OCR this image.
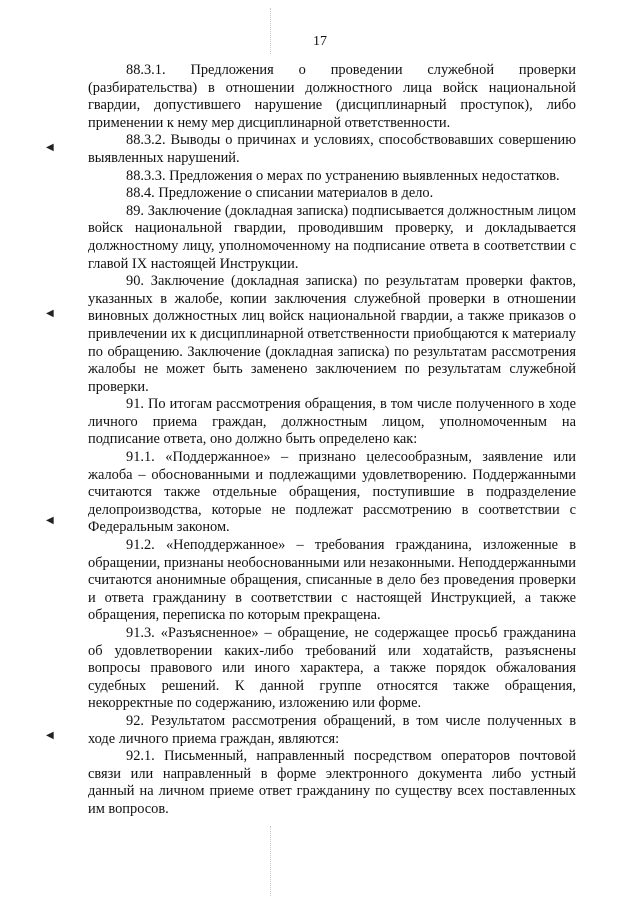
◀
◀
◀
◀
17

88.3.1. Предложения о проведении служебной проверки (разбирательства) в отношении должностного лица войск национальной гвардии, допустившего нарушение (дисциплинарный проступок), либо применении к нему мер дисциплинарной ответственности.

88.3.2. Выводы о причинах и условиях, способствовавших совершению выявленных нарушений.

88.3.3. Предложения о мерах по устранению выявленных недостатков.

88.4. Предложение о списании материалов в дело.

89. Заключение (докладная записка) подписывается должностным лицом войск национальной гвардии, проводившим проверку, и докладывается должностному лицу, уполномоченному на подписание ответа в соответствии с главой IX настоящей Инструкции.

90. Заключение (докладная записка) по результатам проверки фактов, указанных в жалобе, копии заключения служебной проверки в отношении виновных должностных лиц войск национальной гвардии, а также приказов о привлечении их к дисциплинарной ответственности приобщаются к материалу по обращению. Заключение (докладная записка) по результатам рассмотрения жалобы не может быть заменено заключением по результатам служебной проверки.

91. По итогам рассмотрения обращения, в том числе полученного в ходе личного приема граждан, должностным лицом, уполномоченным на подписание ответа, оно должно быть определено как:

91.1. «Поддержанное» – признано целесообразным, заявление или жалоба – обоснованными и подлежащими удовлетворению. Поддержанными считаются также отдельные обращения, поступившие в подразделение делопроизводства, которые не подлежат рассмотрению в соответствии с Федеральным законом.

91.2. «Неподдержанное» – требования гражданина, изложенные в обращении, признаны необоснованными или незаконными. Неподдержанными считаются анонимные обращения, списанные в дело без проведения проверки и ответа гражданину в соответствии с настоящей Инструкцией, а также обращения, переписка по которым прекращена.

91.3. «Разъясненное» – обращение, не содержащее просьб гражданина об удовлетворении каких-либо требований или ходатайств, разъяснены вопросы правового или иного характера, а также порядок обжалования судебных решений. К данной группе относятся также обращения, некорректные по содержанию, изложению или форме.

92. Результатом рассмотрения обращений, в том числе полученных в ходе личного приема граждан, являются:

92.1. Письменный, направленный посредством операторов почтовой связи или направленный в форме электронного документа либо устный данный на личном приеме ответ гражданину по существу всех поставленных им вопросов.
